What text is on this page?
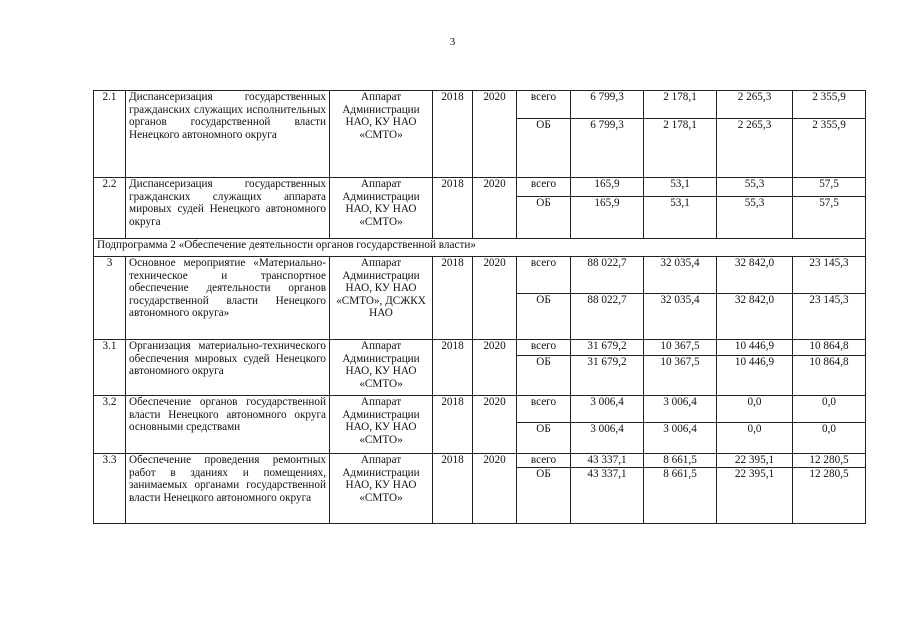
3
2.1	Диспансеризация государственных гражданских служащих исполнительных органов государственной власти Ненецкого автономного округа	Аппарат Администрации НАО, КУ НАО «СМТО»	2018	2020	всего	6 799,3	2 178,1	2 265,3	2 355,9
					ОБ	6 799,3	2 178,1	2 265,3	2 355,9
2.2	Диспансеризация государственных гражданских служащих аппарата мировых судей Ненецкого автономного округа	Аппарат Администрации НАО, КУ НАО «СМТО»	2018	2020	всего	165,9	53,1	55,3	57,5
					ОБ	165,9	53,1	55,3	57,5
Подпрограмма 2 «Обеспечение деятельности органов государственной власти»									
3	Основное мероприятие «Материально-техническое и транспортное обеспечение деятельности органов государственной власти Ненецкого автономного округа»	Аппарат Администрации НАО, КУ НАО «СМТО», ДСЖКХ НАО	2018	2020	всего	88 022,7	32 035,4	32 842,0	23 145,3
					ОБ	88 022,7	32 035,4	32 842,0	23 145,3
3.1	Организация материально-технического обеспечения мировых судей Ненецкого автономного округа	Аппарат Администрации НАО, КУ НАО «СМТО»	2018	2020	всего	31 679,2	10 367,5	10 446,9	10 864,8
					ОБ	31 679,2	10 367,5	10 446,9	10 864,8
3.2	Обеспечение органов государственной власти Ненецкого автономного округа основными средствами	Аппарат Администрации НАО, КУ НАО «СМТО»	2018	2020	всего	3 006,4	3 006,4	0,0	0,0
					ОБ	3 006,4	3 006,4	0,0	0,0
3.3	Обеспечение проведения ремонтных работ в зданиях и помещениях, занимаемых органами государственной власти Ненецкого автономного округа	Аппарат Администрации НАО, КУ НАО «СМТО»	2018	2020	всего	43 337,1	8 661,5	22 395,1	12 280,5
					ОБ	43 337,1	8 661,5	22 395,1	12 280,5
